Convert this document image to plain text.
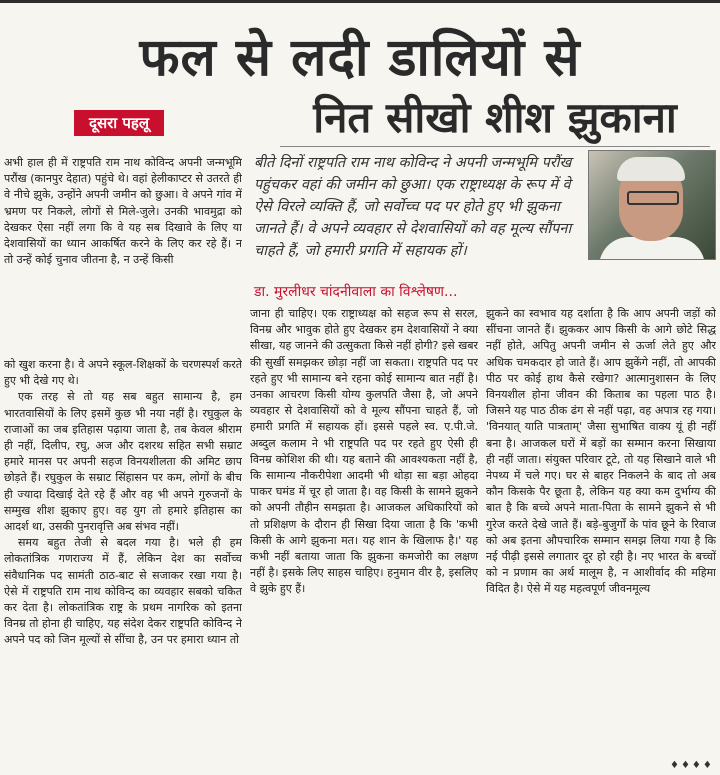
फल से लदी डालियों से
दूसरा पहलू	नित सीखो शीश झुकाना

अभी हाल ही में राष्ट्रपति राम नाथ कोविन्द अपनी जन्मभूमि परौंख (कानपुर देहात) पहुंचे थे। वहां हेलीकाप्टर से उतरते ही वे नीचे झुके, उन्होंने अपनी जमीन को छुआ। वे अपने गांव में भ्रमण पर निकले, लोगों से मिले-जुले। उनकी भावमुद्रा को देखकर ऐसा नहीं लगा कि वे यह सब दिखावे के लिए या देशवासियों का ध्यान आकर्षित करने के लिए कर रहे हैं। न तो उन्हें कोई चुनाव जीतना है, न उन्हें किसी

बीते दिनों राष्ट्रपति राम नाथ कोविन्द ने अपनी जन्मभूमि परौंख पहुंचकर वहां की जमीन को छुआ। एक राष्ट्राध्यक्ष के रूप में वे ऐसे विरले व्यक्ति हैं, जो सर्वोच्च पद पर होते हुए भी झुकना जानते हैं। वे अपने व्यवहार से देशवासियों को वह मूल्य सौंपना चाहते हैं, जो हमारी प्रगति में सहायक हों।
डा. मुरलीधर चांदनीवाला का विश्लेषण...

को खुश करना है। वे अपने स्कूल-शिक्षकों के चरणस्पर्श करते हुए भी देखे गए थे।

एक तरह से तो यह सब बहुत सामान्य है, हम भारतवासियों के लिए इसमें कुछ भी नया नहीं है। रघुकुल के राजाओं का जब इतिहास पढ़ाया जाता है, तब केवल श्रीराम ही नहीं, दिलीप, रघु, अज और दशरथ सहित सभी सम्राट हमारे मानस पर अपनी सहज विनयशीलता की अमिट छाप छोड़ते हैं। रघुकुल के सम्राट सिंहासन पर कम, लोगों के बीच ही ज्यादा दिखाई देते रहे हैं और वह भी अपने गुरुजनों के सम्मुख शीश झुकाए हुए। वह युग तो हमारे इतिहास का आदर्श था, उसकी पुनरावृत्ति अब संभव नहीं।

समय बहुत तेजी से बदल गया है। भले ही हम लोकतांत्रिक गणराज्य में हैं, लेकिन देश का सर्वोच्च संवैधानिक पद सामंती ठाठ-बाट से सजाकर रखा गया है। ऐसे में राष्ट्रपति राम नाथ कोविन्द का व्यवहार सबको चकित कर देता है। लोकतांत्रिक राष्ट्र के प्रथम नागरिक को इतना विनम्र तो होना ही चाहिए, यह संदेश देकर राष्ट्रपति कोविन्द ने अपने पद को जिन मूल्यों से सींचा है, उन पर हमारा ध्यान तो

जाना ही चाहिए। एक राष्ट्राध्यक्ष को सहज रूप से सरल, विनम्र और भावुक होते हुए देखकर हम देशवासियों ने क्या सीखा, यह जानने की उत्सुकता किसे नहीं होगी? इसे खबर की सुर्खी समझकर छोड़ा नहीं जा सकता। राष्ट्रपति पद पर रहते हुए भी सामान्य बने रहना कोई सामान्य बात नहीं है। उनका आचरण किसी योग्य कुलपति जैसा है, जो अपने व्यवहार से देशवासियों को वे मूल्य सौंपना चाहते हैं, जो हमारी प्रगति में सहायक हों। इससे पहले स्व. ए.पी.जे. अब्दुल कलाम ने भी राष्ट्रपति पद पर रहते हुए ऐसी ही विनम्र कोशिश की थी। यह बताने की आवश्यकता नहीं है, कि सामान्य नौकरीपेशा आदमी भी थोड़ा सा बड़ा ओहदा पाकर घमंड में चूर हो जाता है। वह किसी के सामने झुकने को अपनी तौहीन समझता है। आजकल अधिकारियों को तो प्रशिक्षण के दौरान ही सिखा दिया जाता है कि 'कभी किसी के आगे झुकना मत। यह शान के खिलाफ है।' यह कभी नहीं बताया जाता कि झुकना कमजोरी का लक्षण नहीं है। इसके लिए साहस चाहिए। हनुमान वीर है, इसलिए वे झुके हुए हैं।

झुकने का स्वभाव यह दर्शाता है कि आप अपनी जड़ों को सींचना जानते हैं। झुककर आप किसी के आगे छोटे सिद्ध नहीं होते, अपितु अपनी जमीन से ऊर्जा लेते हुए और अधिक चमकदार हो जाते हैं। आप झुकेंगे नहीं, तो आपकी पीठ पर कोई हाथ कैसे रखेगा? आत्मानुशासन के लिए विनयशील होना जीवन की किताब का पहला पाठ है। जिसने यह पाठ ठीक ढंग से नहीं पढ़ा, वह अपात्र रह गया। 'विनयात् याति पात्रताम्' जैसा सुभाषित वाक्य यूं ही नहीं बना है। आजकल घरों में बड़ों का सम्मान करना सिखाया ही नहीं जाता। संयुक्त परिवार टूटे, तो यह सिखाने वाले भी नेपथ्य में चले गए। घर से बाहर निकलने के बाद तो अब कौन किसके पैर छूता है, लेकिन यह क्या कम दुर्भाग्य की बात है कि बच्चे अपने माता-पिता के सामने झुकने से भी गुरेज करते देखे जाते हैं। बड़े-बुजुर्गों के पांव छूने के रिवाज को अब इतना औपचारिक सम्मान समझ लिया गया है कि नई पीढ़ी इससे लगातार दूर हो रही है। नए भारत के बच्चों को न प्रणाम का अर्थ मालूम है, न आशीर्वाद की महिमा विदित है। ऐसे में यह महत्वपूर्ण जीवनमूल्य

♦♦♦♦
